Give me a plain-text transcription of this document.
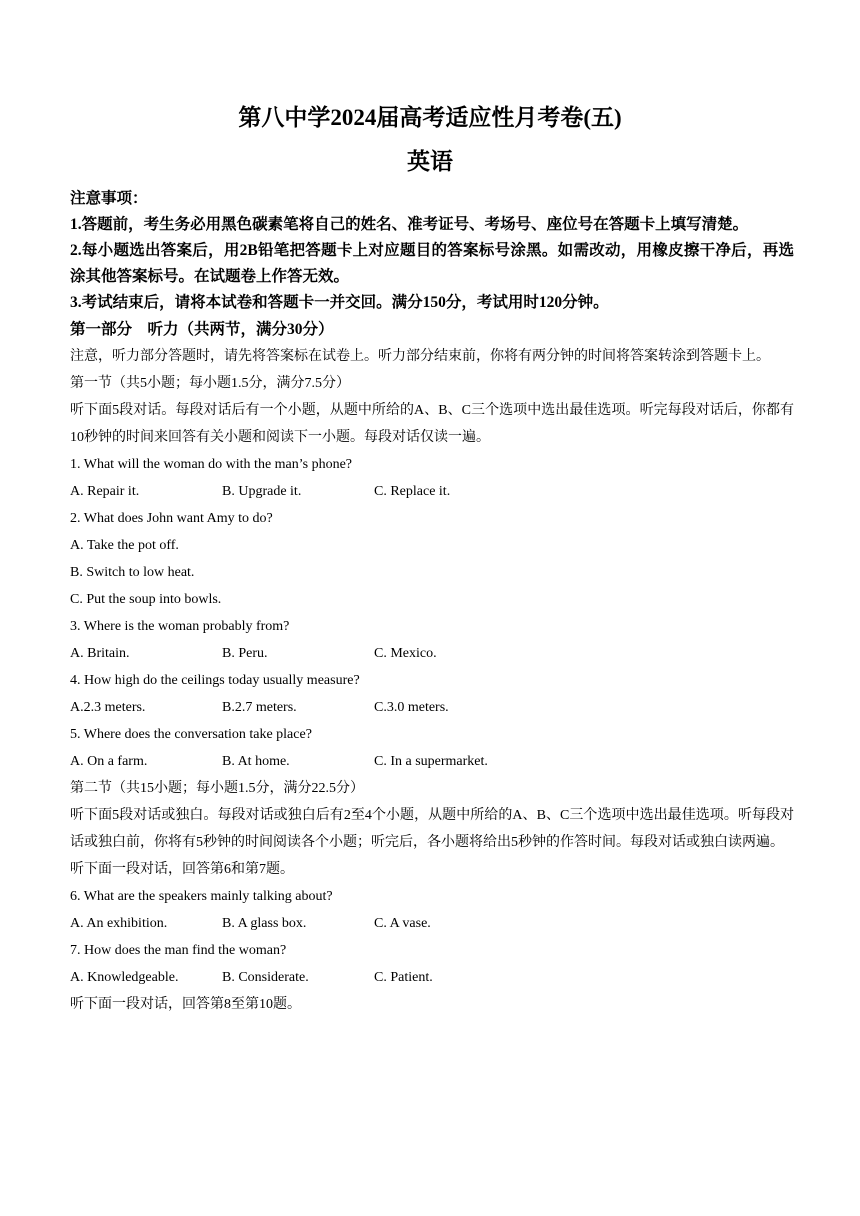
第八中学2024届高考适应性月考卷(五)
英语
注意事项：
1.答题前，考生务必用黑色碳素笔将自己的姓名、准考证号、考场号、座位号在答题卡上填写清楚。
2.每小题选出答案后，用2B铅笔把答题卡上对应题目的答案标号涂黑。如需改动，用橡皮擦干净后，再选涂其他答案标号。在试题卷上作答无效。
3.考试结束后，请将本试卷和答题卡一并交回。满分150分，考试用时120分钟。
第一部分　听力（共两节，满分30分）
注意，听力部分答题时，请先将答案标在试卷上。听力部分结束前，你将有两分钟的时间将答案转涂到答题卡上。
第一节（共5小题；每小题1.5分，满分7.5分）
听下面5段对话。每段对话后有一个小题，从题中所给的A、B、C三个选项中选出最佳选项。听完每段对话后，你都有10秒钟的时间来回答有关小题和阅读下一小题。每段对话仅读一遍。
1. What will the woman do with the man’s phone?
A. Repair it.	B. Upgrade it.	C. Replace it.
2. What does John want Amy to do?
A. Take the pot off.
B. Switch to low heat.
C. Put the soup into bowls.
3. Where is the woman probably from?
A. Britain.	B. Peru.	C. Mexico.
4. How high do the ceilings today usually measure?
A.2.3 meters.	B.2.7 meters.	C.3.0 meters.
5. Where does the conversation take place?
A. On a farm.	B. At home.	C. In a supermarket.
第二节（共15小题；每小题1.5分，满分22.5分）
听下面5段对话或独白。每段对话或独白后有2至4个小题，从题中所给的A、B、C三个选项中选出最佳选项。听每段对话或独白前，你将有5秒钟的时间阅读各个小题；听完后，各小题将给出5秒钟的作答时间。每段对话或独白读两遍。
听下面一段对话，回答第6和第7题。
6. What are the speakers mainly talking about?
A. An exhibition.	B. A glass box.	C. A vase.
7. How does the man find the woman?
A. Knowledgeable.	B. Considerate.	C. Patient.
听下面一段对话，回答第8至第10题。
